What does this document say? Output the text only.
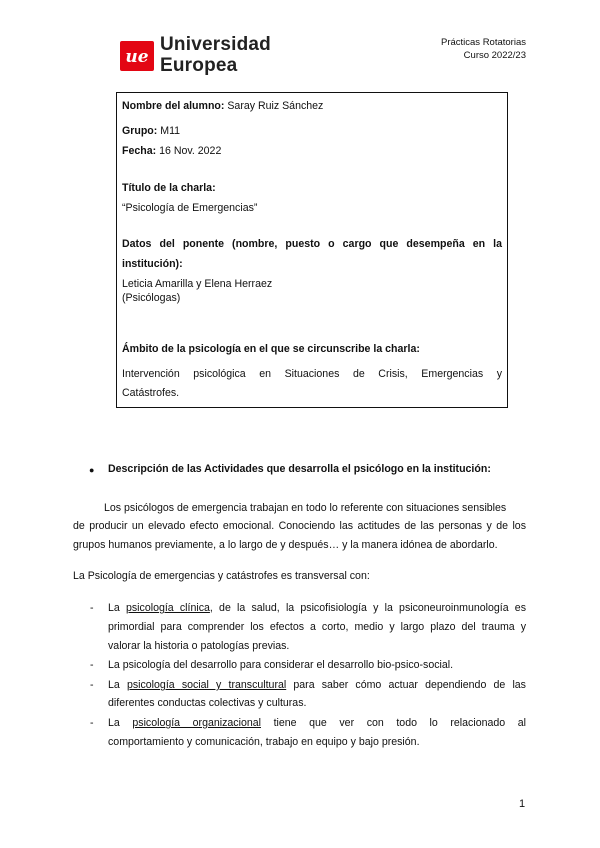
ue
Universidad
Europea
Prácticas Rotatorias
Curso 2022/23
Nombre del alumno: Saray Ruiz Sánchez
Grupo: M11
Fecha: 16 Nov. 2022
Título de la charla:
“Psicología de Emergencias”
Datos del ponente (nombre, puesto o cargo que desempeña en la
institución):
Leticia Amarilla y Elena Herraez
(Psicólogas)
Ámbito de la psicología en el que se circunscribe la charla:
Intervención psicológica en Situaciones de Crisis, Emergencias y
Catástrofes.
● Descripción de las Actividades que desarrolla el psicólogo en la institución:
Los psicólogos de emergencia trabajan en todo lo referente con situaciones sensibles
de producir un elevado efecto emocional. Conociendo las actitudes de las personas y de los
grupos humanos previamente, a lo largo de y después… y la manera idónea de abordarlo.
La Psicología de emergencias y catástrofes es transversal con:
- La psicología clínica, de la salud, la psicofisiología y la psiconeuroinmunología es
primordial para comprender los efectos a corto, medio y largo plazo del trauma y
valorar la historia o patologías previas.
- La psicología del desarrollo para considerar el desarrollo bio-psico-social.
- La psicología social y transcultural para saber cómo actuar dependiendo de las
diferentes conductas colectivas y culturas.
- La psicología organizacional tiene que ver con todo lo relacionado al
comportamiento y comunicación, trabajo en equipo y bajo presión.
1
